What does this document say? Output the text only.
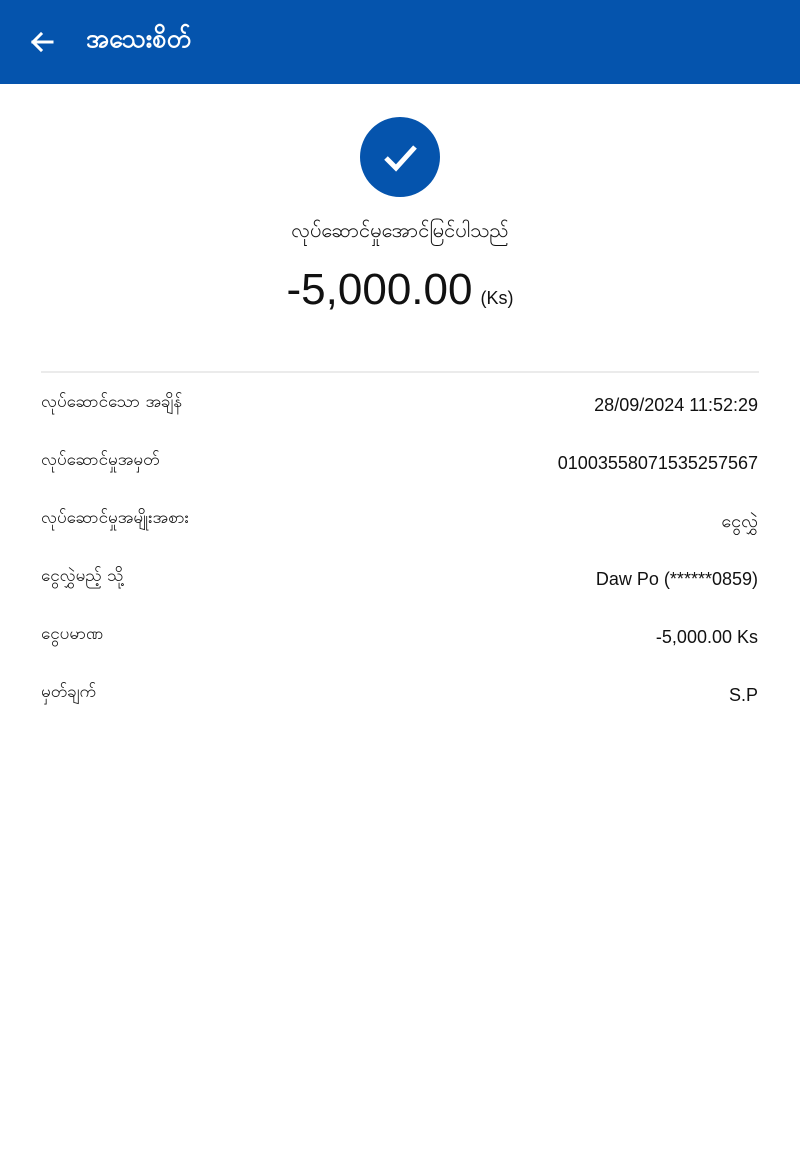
အသေးစိတ်
လုပ်ဆောင်မှုအောင်မြင်ပါသည်
-5,000.00 (Ks)
လုပ်ဆောင်သော အချိန်	28/09/2024 11:52:29
လုပ်ဆောင်မှုအမှတ်	01003558071535257567
လုပ်ဆောင်မှုအမျိုးအစား	ငွေလွှဲ
ငွေလွှဲမည့် သို့	Daw Po (******0859)
ငွေပမာဏ	-5,000.00 Ks
မှတ်ချက်	S.P
